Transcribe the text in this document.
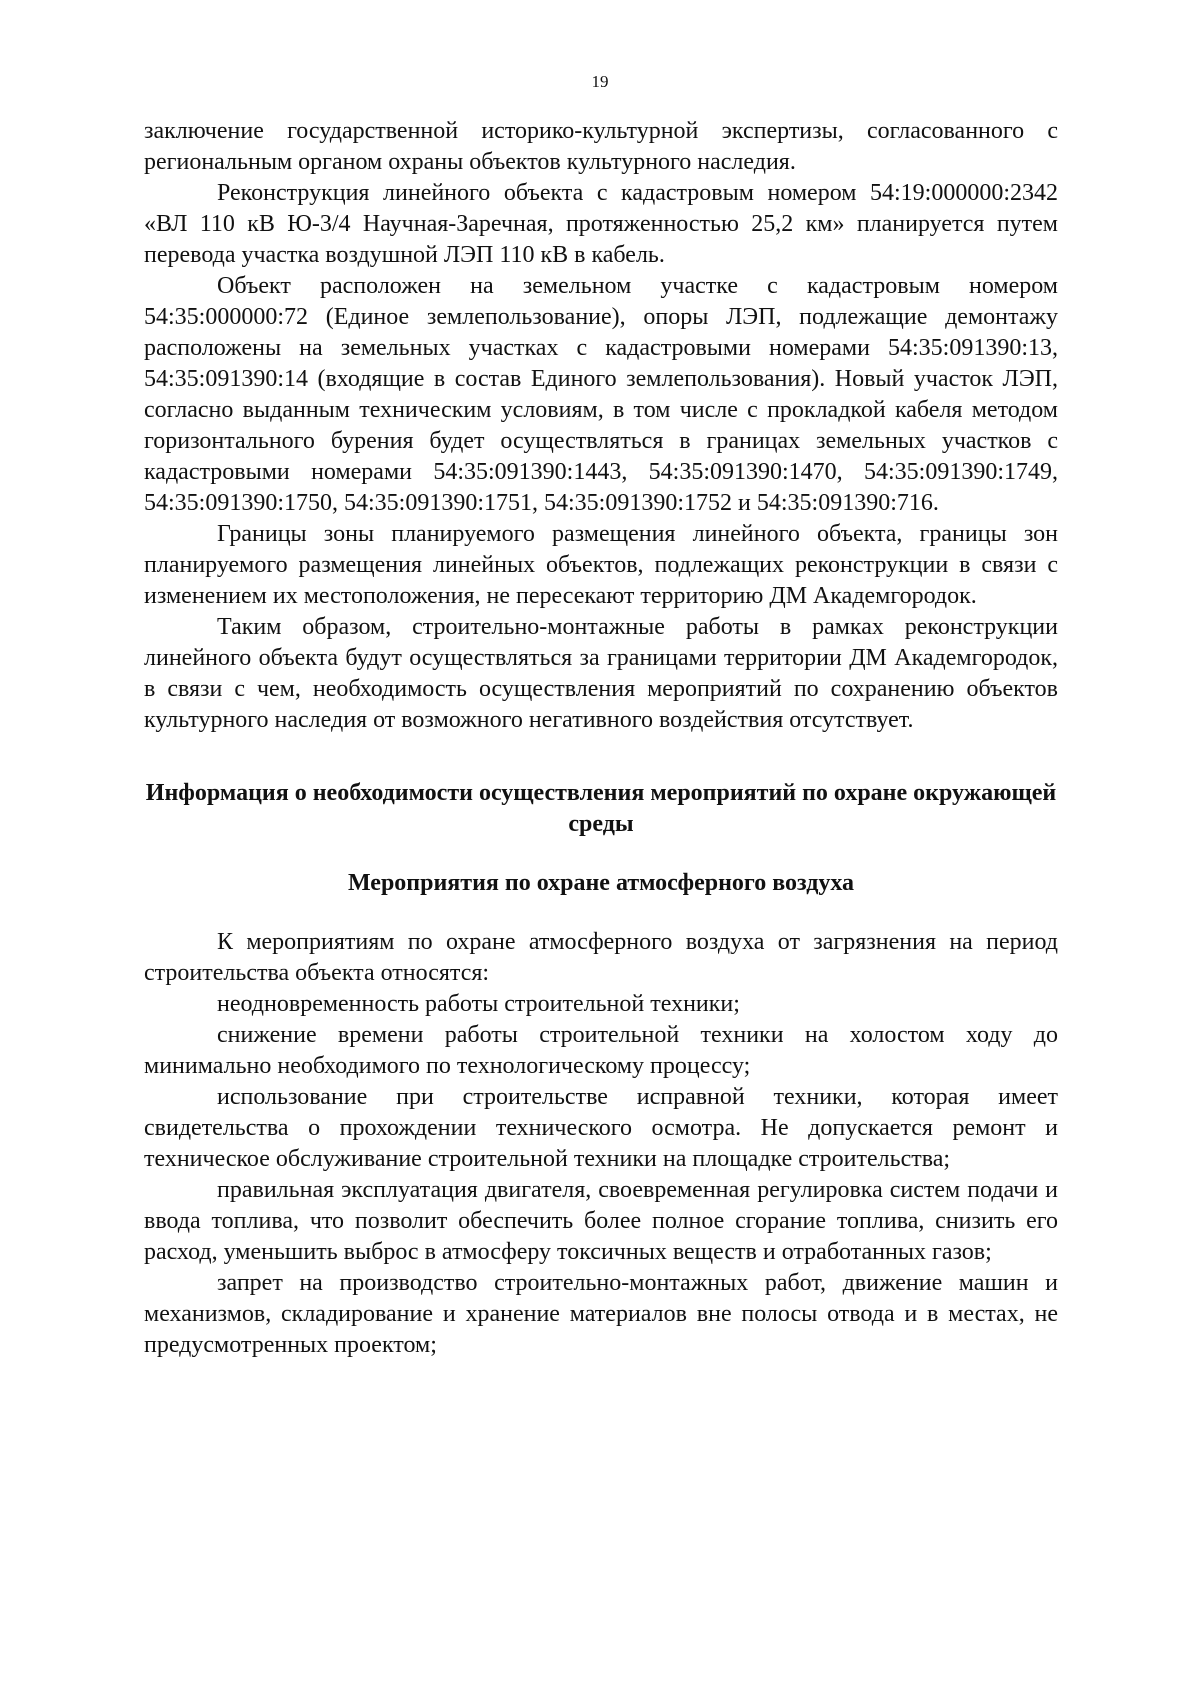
19

заключение государственной историко-культурной экспертизы, согласованного с региональным органом охраны объектов культурного наследия.

Реконструкция линейного объекта с кадастровым номером 54:19:000000:2342 «ВЛ 110 кВ Ю-3/4 Научная-Заречная, протяженностью 25,2 км» планируется путем перевода участка воздушной ЛЭП 110 кВ в кабель.

Объект расположен на земельном участке с кадастровым номером 54:35:000000:72 (Единое землепользование), опоры ЛЭП, подлежащие демонтажу расположены на земельных участках с кадастровыми номерами 54:35:091390:13, 54:35:091390:14 (входящие в состав Единого землепользования). Новый участок ЛЭП, согласно выданным техническим условиям, в том числе с прокладкой кабеля методом горизонтального бурения будет осуществляться в границах земельных участков с кадастровыми номерами 54:35:091390:1443, 54:35:091390:1470, 54:35:091390:1749, 54:35:091390:1750, 54:35:091390:1751, 54:35:091390:1752 и 54:35:091390:716.

Границы зоны планируемого размещения линейного объекта, границы зон планируемого размещения линейных объектов, подлежащих реконструкции в связи с изменением их местоположения, не пересекают территорию ДМ Академгородок.

Таким образом, строительно-монтажные работы в рамках реконструкции линейного объекта будут осуществляться за границами территории ДМ Академгородок, в связи с чем, необходимость осуществления мероприятий по сохранению объектов культурного наследия от возможного негативного воздействия отсутствует.

Информация о необходимости осуществления мероприятий по охране окружающей среды
Мероприятия по охране атмосферного воздуха

К мероприятиям по охране атмосферного воздуха от загрязнения на период строительства объекта относятся:

неодновременность работы строительной техники;

снижение времени работы строительной техники на холостом ходу до минимально необходимого по технологическому процессу;

использование при строительстве исправной техники, которая имеет свидетельства о прохождении технического осмотра. Не допускается ремонт и техническое обслуживание строительной техники на площадке строительства;

правильная эксплуатация двигателя, своевременная регулировка систем подачи и ввода топлива, что позволит обеспечить более полное сгорание топлива, снизить его расход, уменьшить выброс в атмосферу токсичных веществ и отработанных газов;

запрет на производство строительно-монтажных работ, движение машин и механизмов, складирование и хранение материалов вне полосы отвода и в местах, не предусмотренных проектом;
